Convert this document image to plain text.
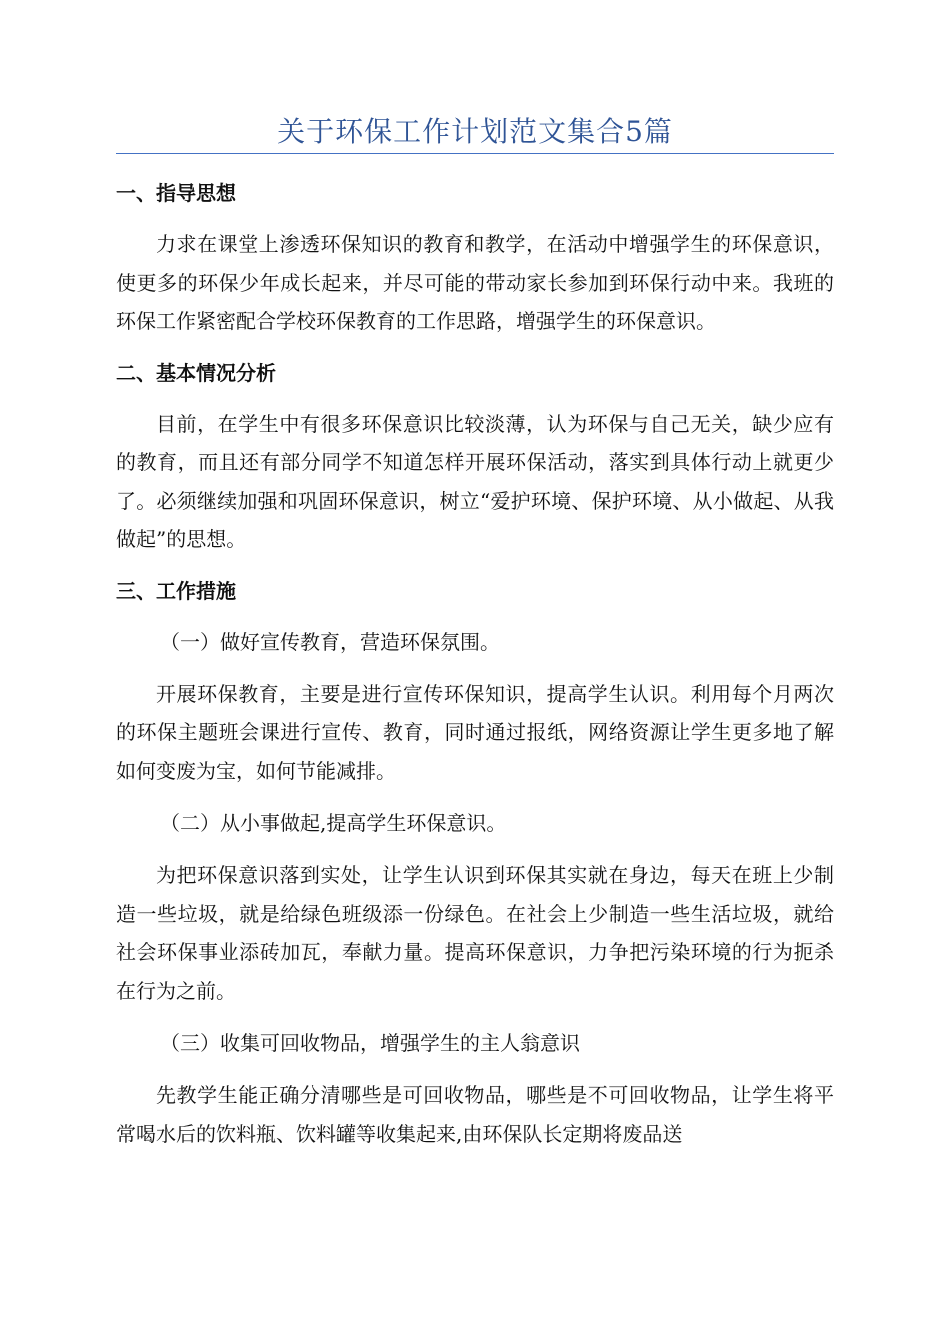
关于环保工作计划范文集合5篇

一、指导思想

力求在课堂上渗透环保知识的教育和教学，在活动中增强学生的环保意识，使更多的环保少年成长起来，并尽可能的带动家长参加到环保行动中来。我班的环保工作紧密配合学校环保教育的工作思路，增强学生的环保意识。

二、基本情况分析

目前，在学生中有很多环保意识比较淡薄，认为环保与自己无关，缺少应有的教育，而且还有部分同学不知道怎样开展环保活动，落实到具体行动上就更少了。必须继续加强和巩固环保意识，树立“爱护环境、保护环境、从小做起、从我做起”的思想。

三、工作措施

（一）做好宣传教育，营造环保氛围。

开展环保教育，主要是进行宣传环保知识，提高学生认识。利用每个月两次的环保主题班会课进行宣传、教育，同时通过报纸，网络资源让学生更多地了解如何变废为宝，如何节能减排。

（二）从小事做起,提高学生环保意识。

为把环保意识落到实处，让学生认识到环保其实就在身边，每天在班上少制造一些垃圾，就是给绿色班级添一份绿色。在社会上少制造一些生活垃圾，就给社会环保事业添砖加瓦，奉献力量。提高环保意识，力争把污染环境的行为扼杀在行为之前。

（三）收集可回收物品，增强学生的主人翁意识

先教学生能正确分清哪些是可回收物品，哪些是不可回收物品，让学生将平常喝水后的饮料瓶、饮料罐等收集起来,由环保队长定期将废品送
